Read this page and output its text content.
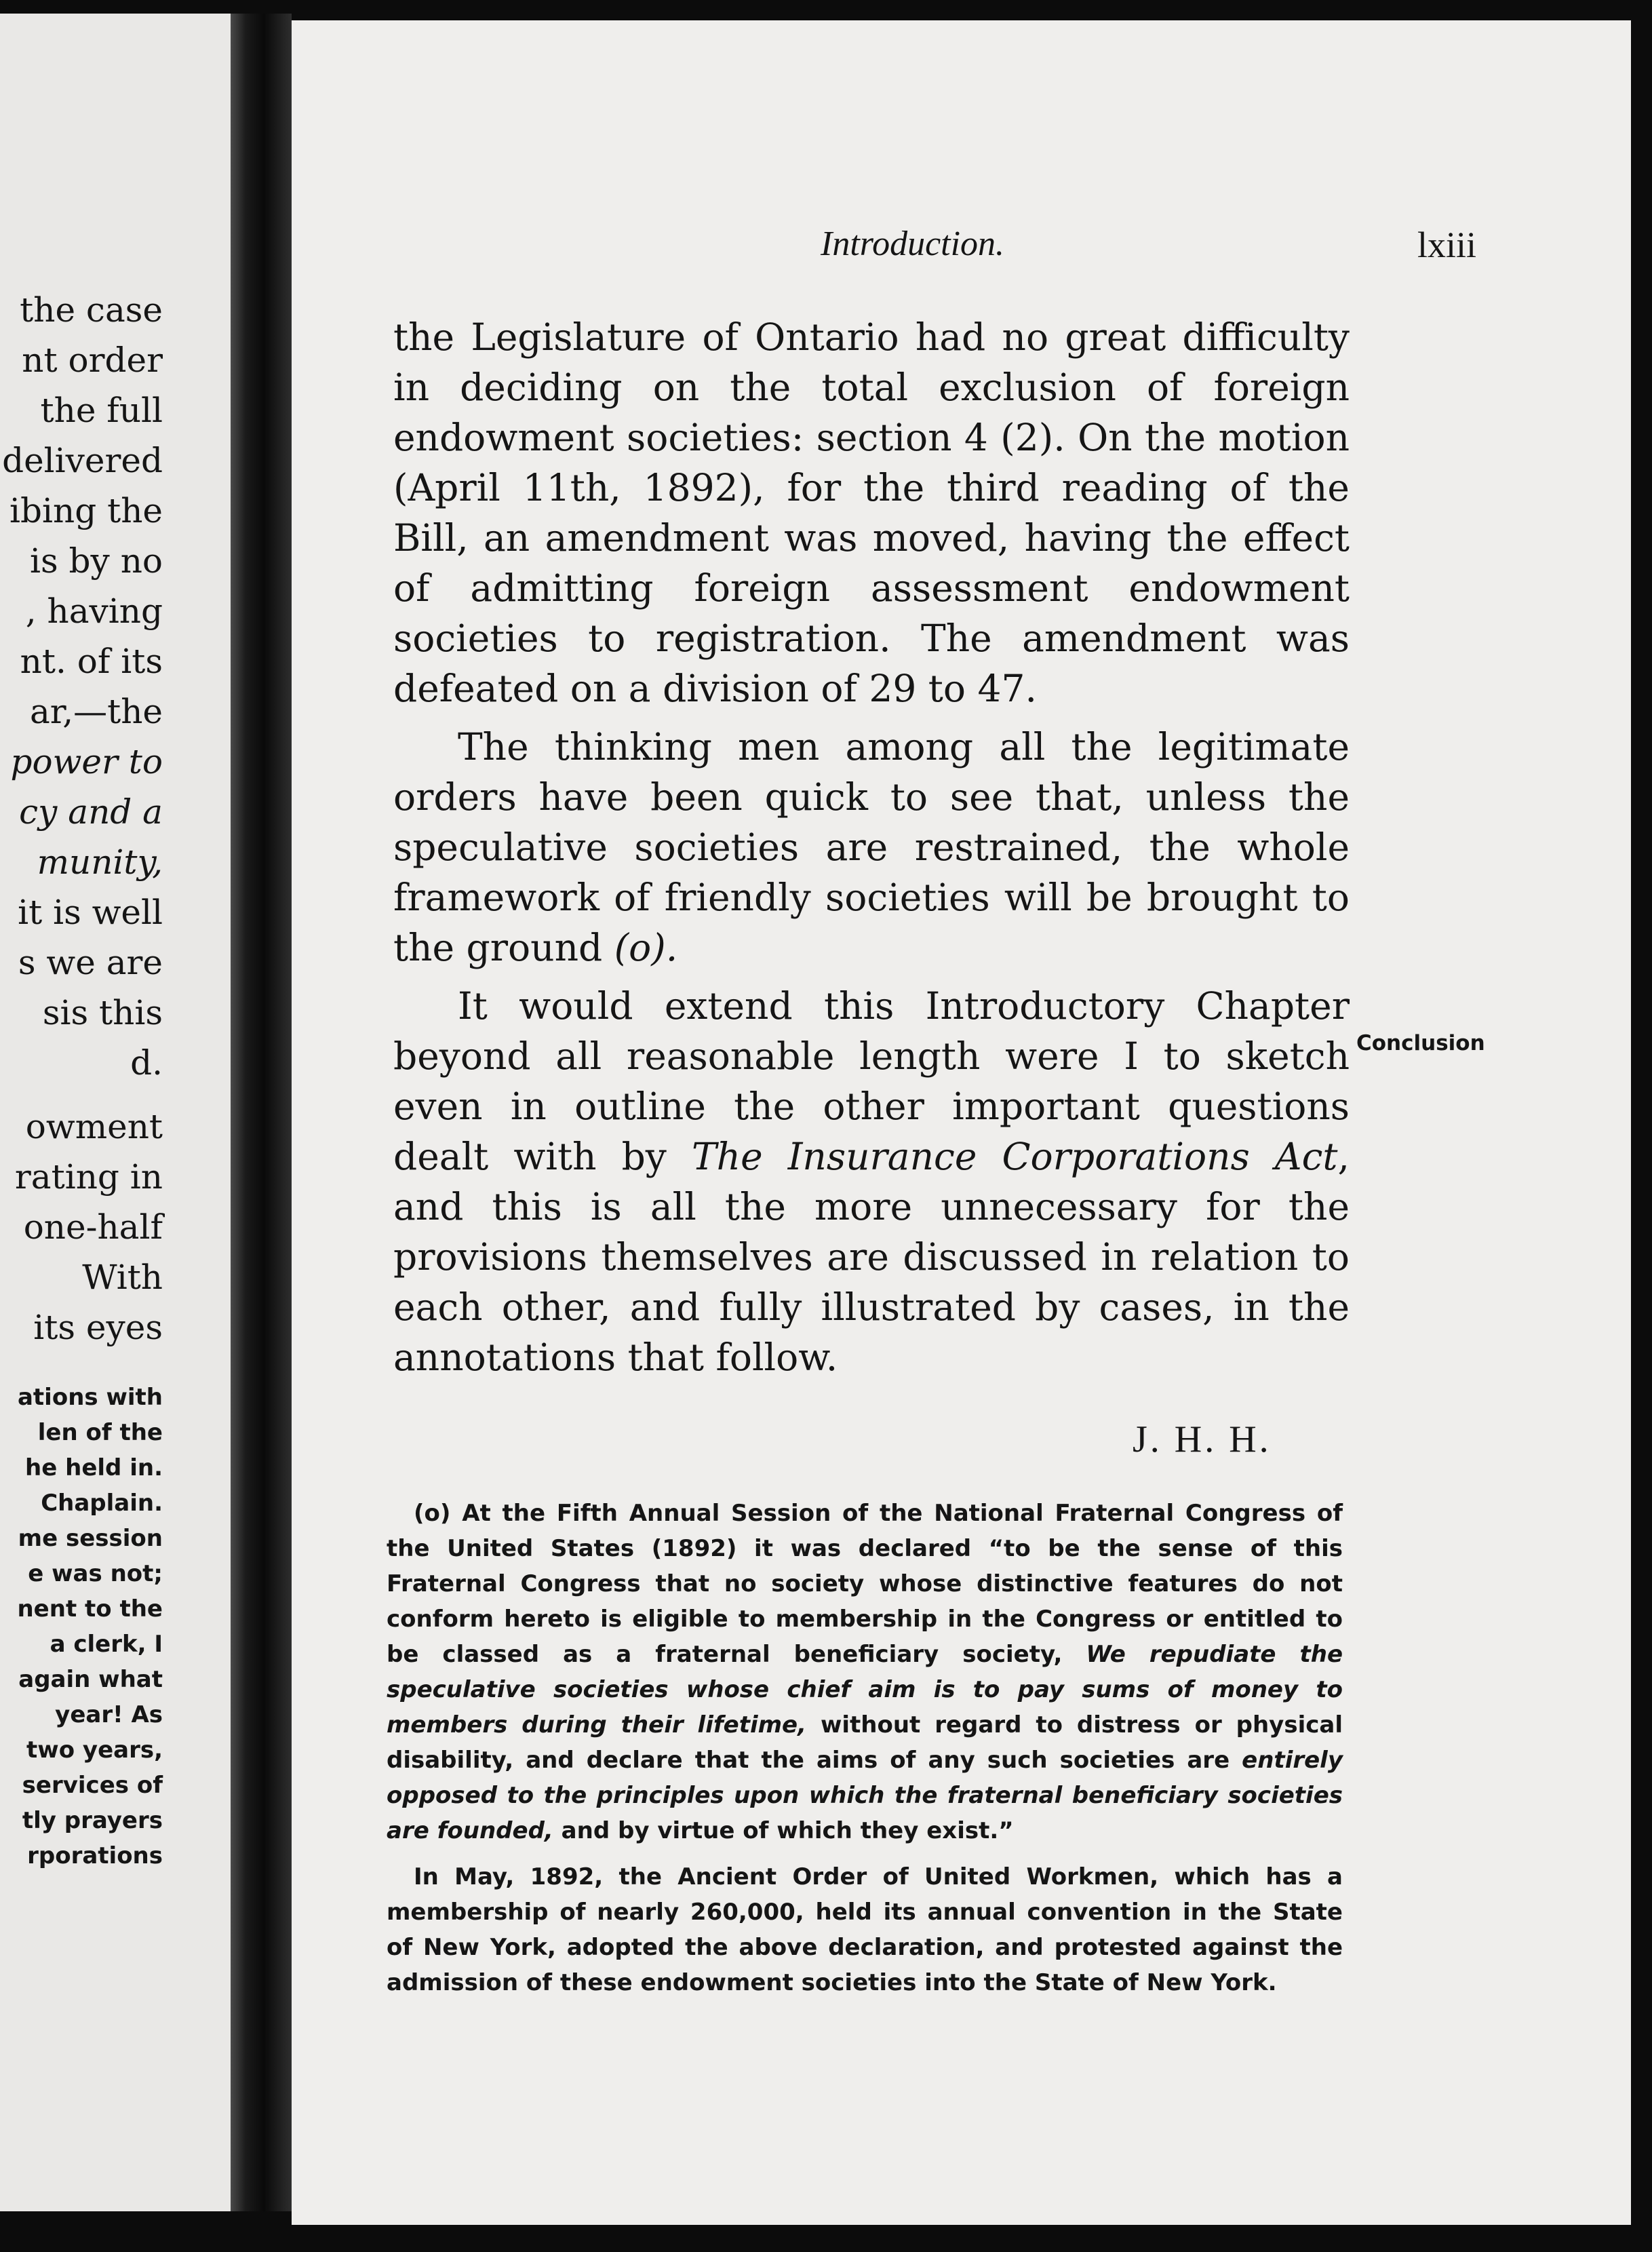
the case
nt order
the full
delivered
ibing the
is by no
, having
nt. of its
ar,—the
power to
cy and a
munity,
it is well
s we are
sis this
d.
owment
rating in
one-half
With
its eyes
ations with
len of the
he held in.
Chaplain.
me session
e was not;
nent to the
a clerk, I
again what
year! As
two years,
services of
tly prayers
rporations
Introduction.	lxiii

the Legislature of Ontario had no great difficulty in deciding on the total exclusion of foreign endowment societies: section 4 (2). On the motion (April 11th, 1892), for the third reading of the Bill, an amendment was moved, having the effect of admitting foreign assessment endowment societies to registration. The amendment was defeated on a division of 29 to 47.

The thinking men among all the legitimate orders have been quick to see that, unless the speculative societies are restrained, the whole framework of friendly societies will be brought to the ground (o).

It would extend this Introductory Chapter beyond all reasonable length were I to sketch even in outline the other important questions dealt with by The Insurance Corporations Act, and this is all the more unnecessary for the provisions themselves are discussed in relation to each other, and fully illustrated by cases, in the annotations that follow.

Conclusion
J. H. H.

(o) At the Fifth Annual Session of the National Fraternal Congress of the United States (1892) it was declared “to be the sense of this Fraternal Congress that no society whose distinctive features do not conform hereto is eligible to membership in the Congress or entitled to be classed as a fraternal beneficiary society, We repudiate the speculative societies whose chief aim is to pay sums of money to members during their lifetime, without regard to distress or physical disability, and declare that the aims of any such societies are entirely opposed to the principles upon which the fraternal beneficiary societies are founded, and by virtue of which they exist.”

In May, 1892, the Ancient Order of United Workmen, which has a membership of nearly 260,000, held its annual convention in the State of New York, adopted the above declaration, and protested against the admission of these endowment societies into the State of New York.
